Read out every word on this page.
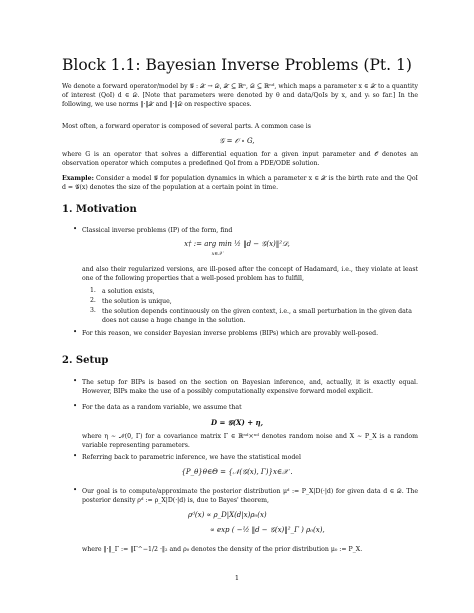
Block 1.1: Bayesian Inverse Problems (Pt. 1)
We denote a forward operator/model by 𝒢 : 𝒳 → 𝒟, 𝒳 ⊆ ℝⁿ, 𝒟 ⊆ ℝⁿᵈ, which maps a parameter x ∈ 𝒳 to a quantity of interest (QoI) d ∈ 𝒟. [Note that parameters were denoted by θ and data/QoIs by x, and yᵢ so far.] In the following, we use norms ‖·‖𝒳 and ‖·‖𝒟 on respective spaces.
Most often, a forward operator is composed of several parts. A common case is
𝒢 = 𝒪 ∘ G,
where G is an operator that solves a differential equation for a given input parameter and 𝒪 denotes an observation operator which computes a predefined QoI from a PDE/ODE solution.
Example: Consider a model 𝒢 for population dynamics in which a parameter x ∈ 𝒳 is the birth rate and the QoI d = 𝒢(x) denotes the size of the population at a certain point in time.
1. Motivation
• Classical inverse problems (IP) of the form, find
x† := arg min ½ ‖d − 𝒢(x)‖²𝒟,
x∈𝒳
and also their regularized versions, are ill-posed after the concept of Hadamard, i.e., they violate at least one of the following properties that a well-posed problem has to fulfill,
1. a solution exists,
2. the solution is unique,
3. the solution depends continuously on the given context, i.e., a small perturbation in the given data does not cause a huge change in the solution.
• For this reason, we consider Bayesian inverse problems (BIPs) which are provably well-posed.
2. Setup
• The setup for BIPs is based on the section on Bayesian inference, and, actually, it is exactly equal. However, BIPs make the use of a possibly computationally expensive forward model explicit.
• For the data as a random variable, we assume that
D = 𝒢(X) + η,
where η ∼ 𝒩(0, Γ) for a covariance matrix Γ ∈ ℝⁿᵈ×ⁿᵈ denotes random noise and X ∼ P_X is a random variable representing parameters.
• Referring back to parametric inference, we have the statistical model
{P_θ}θ∈Θ = {𝒩(𝒢(x), Γ)}x∈𝒳 .
• Our goal is to compute/approximate the posterior distribution μᵈ := P_X|D(·|d) for given data d ∈ 𝒟. The posterior density ρᵈ := ρ_X|D(·|d) is, due to Bayes' theorem,
ρᵈ(x) ∝ ρ_D|X(d|x)ρ₀(x)
∝ exp ( −½ ‖d − 𝒢(x)‖²_Γ ) ρ₀(x),
where ‖·‖_Γ := ‖Γ^−1/2 ·‖₂ and ρ₀ denotes the density of the prior distribution μ₀ := P_X.
1
